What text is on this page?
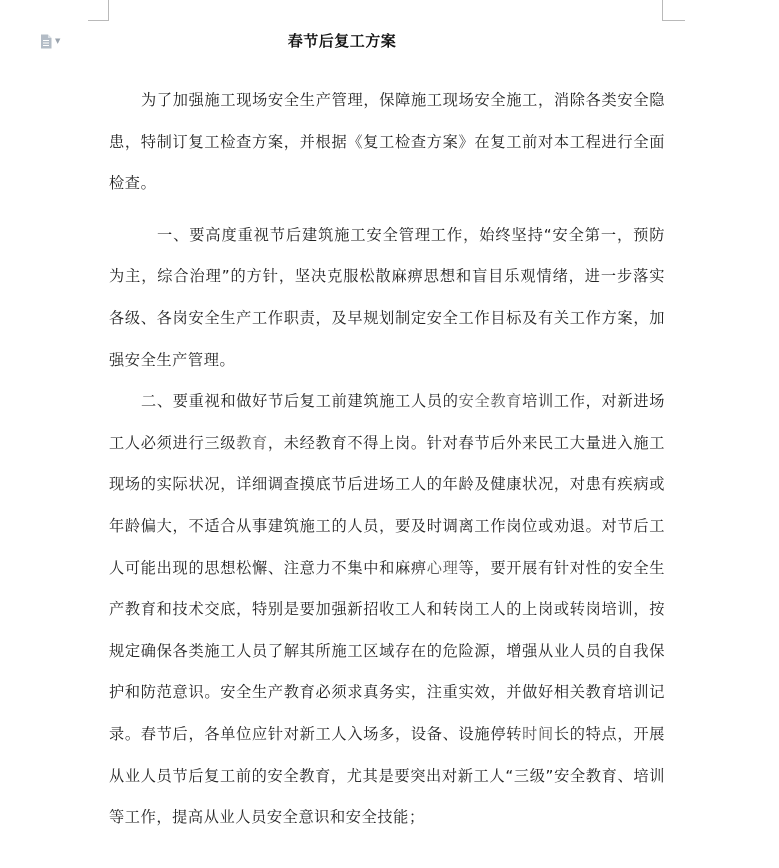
▼	春节后复工方案

为了加强施工现场安全生产管理，保障施工现场安全施工，消除各类安全隐患，特制订复工检查方案，并根据《复工检查方案》在复工前对本工程进行全面检查。

一、要高度重视节后建筑施工安全管理工作，始终坚持“安全第一，预防为主，综合治理”的方针，坚决克服松散麻痹思想和盲目乐观情绪，进一步落实各级、各岗安全生产工作职责，及早规划制定安全工作目标及有关工作方案，加强安全生产管理。

二、要重视和做好节后复工前建筑施工人员的安全教育培训工作，对新进场工人必须进行三级教育，未经教育不得上岗。针对春节后外来民工大量进入施工现场的实际状况，详细调查摸底节后进场工人的年龄及健康状况，对患有疾病或年龄偏大，不适合从事建筑施工的人员，要及时调离工作岗位或劝退。对节后工人可能出现的思想松懈、注意力不集中和麻痹心理等，要开展有针对性的安全生产教育和技术交底，特别是要加强新招收工人和转岗工人的上岗或转岗培训，按规定确保各类施工人员了解其所施工区域存在的危险源，增强从业人员的自我保护和防范意识。安全生产教育必须求真务实，注重实效，并做好相关教育培训记录。春节后，各单位应针对新工人入场多，设备、设施停转时间长的特点，开展从业人员节后复工前的安全教育，尤其是要突出对新工人“三级”安全教育、培训等工作，提高从业人员安全意识和安全技能；
